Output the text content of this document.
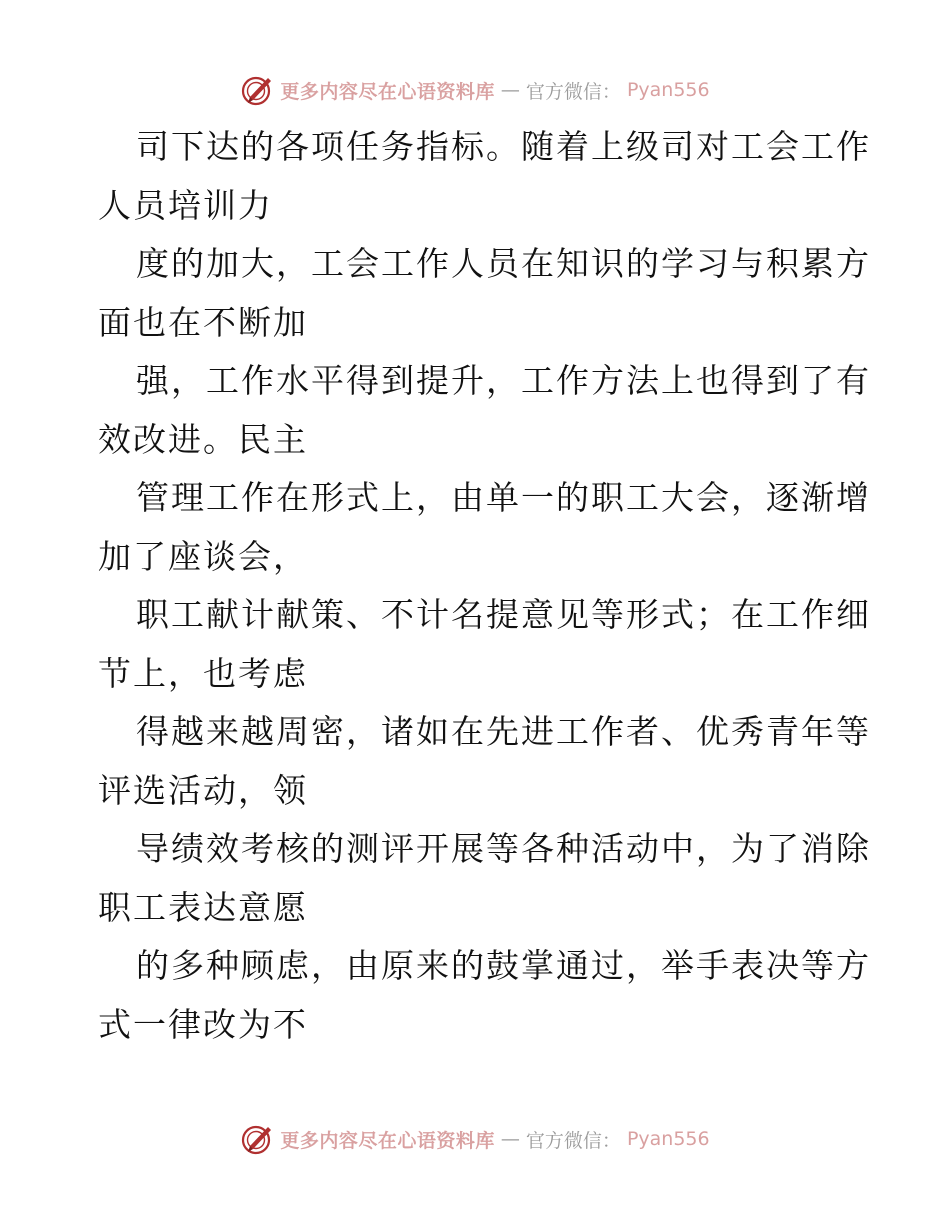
更多内容尽在心语资料库 — 官方微信： Pyan556

司下达的各项任务指标。随着上级司对工会工作
人员培训力

度的加大，工会工作人员在知识的学习与积累方
面也在不断加

强，工作水平得到提升，工作方法上也得到了有
效改进。民主

管理工作在形式上，由单一的职工大会，逐渐增
加了座谈会，

职工献计献策、不计名提意见等形式；在工作细
节上，也考虑

得越来越周密，诸如在先进工作者、优秀青年等
评选活动，领

导绩效考核的测评开展等各种活动中，为了消除
职工表达意愿

的多种顾虑，由原来的鼓掌通过，举手表决等方
式一律改为不

更多内容尽在心语资料库 — 官方微信： Pyan556
